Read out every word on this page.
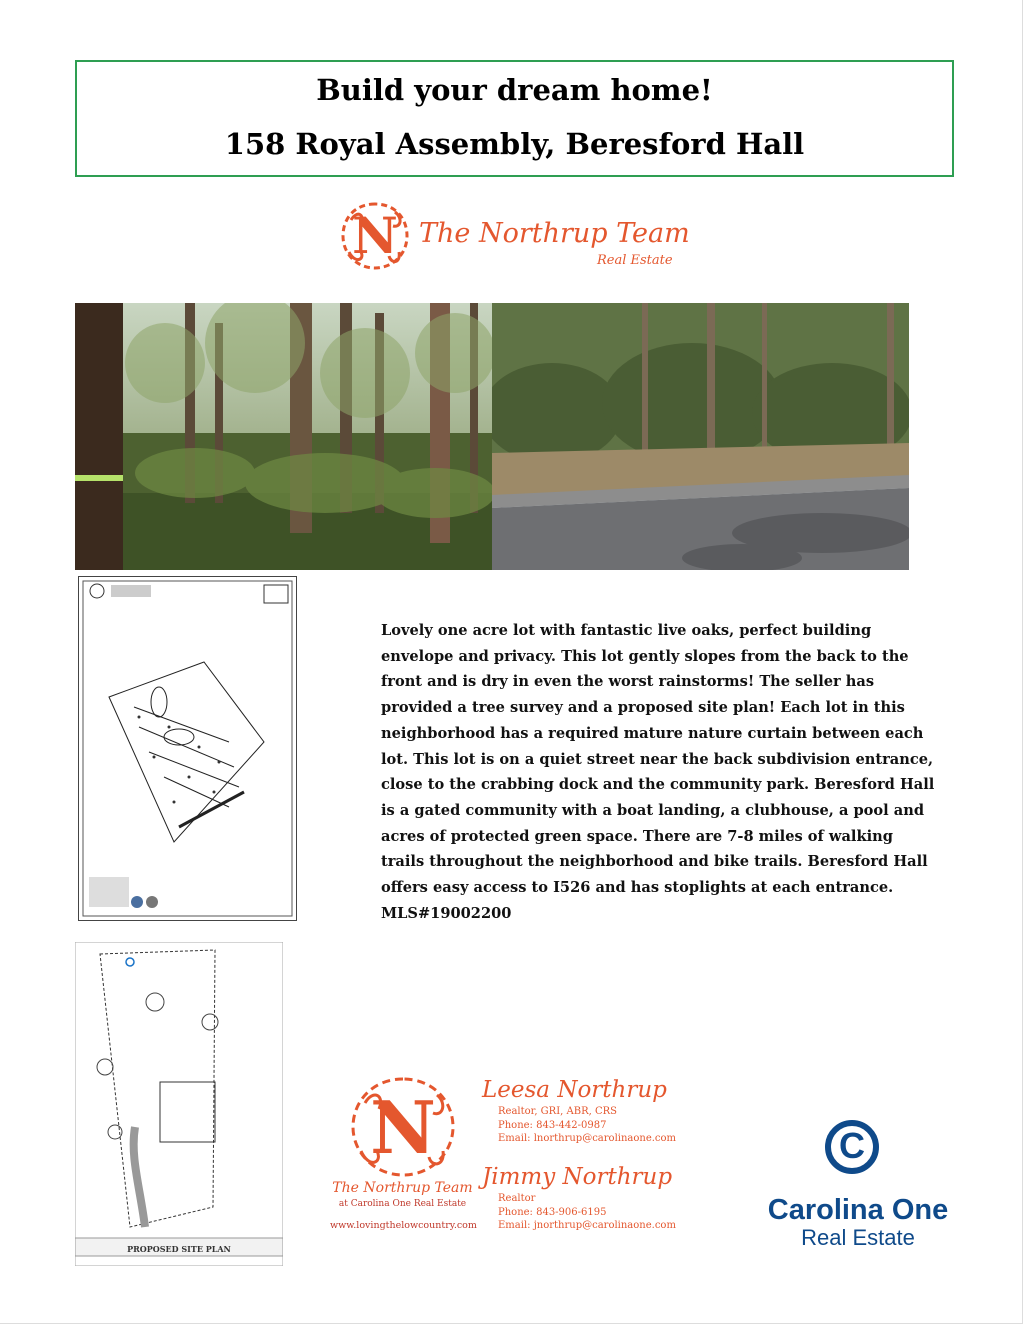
Build your dream home!
158 Royal Assembly, Beresford Hall
N The Northrup Team
Real Estate
PROPOSED SITE PLAN

Lovely one acre lot with fantastic live oaks, perfect building envelope and privacy. This lot gently slopes from the back to the front and is dry in even the worst rainstorms! The seller has provided a tree survey and a proposed site plan! Each lot in this neighborhood has a required mature nature curtain between each lot. This lot is on a quiet street near the back subdivision entrance, close to the crabbing dock and the community park. Beresford Hall is a gated community with a boat landing, a clubhouse, a pool and acres of protected green space. There are 7-8 miles of walking trails throughout the neighborhood and bike trails. Beresford Hall offers easy access to I526 and has stoplights at each entrance. MLS#19002200

N
The Northrup Team
at Carolina One Real Estate
www.lovingthelowcountry.com
Leesa Northrup
Realtor, GRI, ABR, CRS
Phone: 843-442-0987
Email: lnorthrup@carolinaone.com
Jimmy Northrup
Realtor
Phone: 843-906-6195
Email: jnorthrup@carolinaone.com
C
Carolina One
Real Estate
